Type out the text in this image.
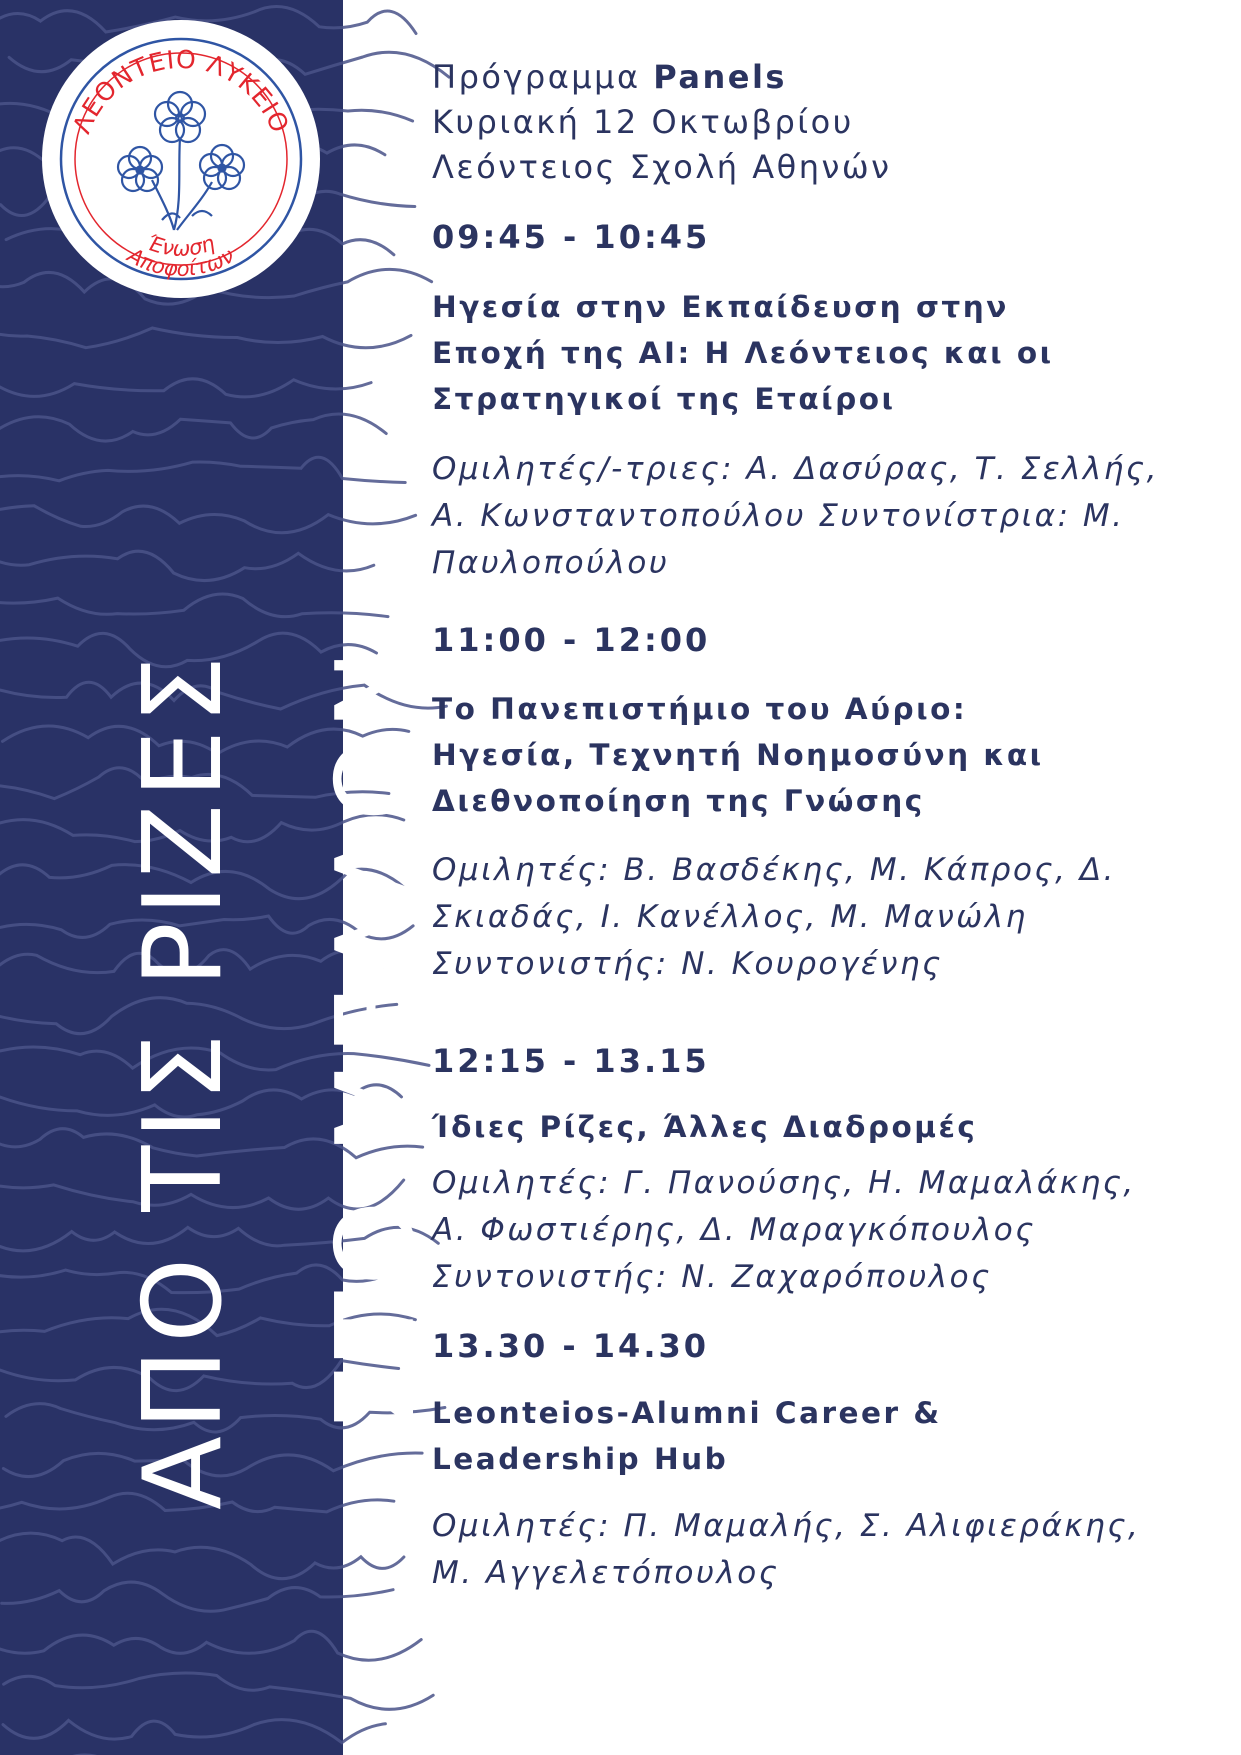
ΛΕΟΝΤΕΙΟ ΛΥΚΕΙΟ
Ένωση
Αποφοίτων
ΑΠΟ ΤΙΣ ΡΙΖΕΣ ΣΤΟ ΜΕΛΛΟΝ
Πρόγραμμα Panels
Κυριακή 12 Οκτωβρίου
Λεόντειος Σχολή Αθηνών
09:45 - 10:45
Ηγεσία στην Εκπαίδευση στην
Εποχή της AI: Η Λεόντειος και οι
Στρατηγικοί της Εταίροι
Ομιλητές/-τριες: Α. Δασύρας, Τ. Σελλής,
Α. Κωνσταντοπούλου Συντονίστρια: Μ.
Παυλοπούλου
11:00 - 12:00
Το Πανεπιστήμιο του Αύριο:
Ηγεσία, Τεχνητή Νοημοσύνη και
Διεθνοποίηση της Γνώσης
Ομιλητές: Β. Βασδέκης, Μ. Κάπρος, Δ.
Σκιαδάς, Ι. Κανέλλος, Μ. Μανώλη
Συντονιστής: Ν. Κουρογένης
12:15 - 13.15
Ίδιες Ρίζες, Άλλες Διαδρομές
Ομιλητές: Γ. Πανούσης, Η. Μαμαλάκης,
Α. Φωστιέρης, Δ. Μαραγκόπουλος
Συντονιστής: Ν. Ζαχαρόπουλος
13.30 - 14.30
Leonteios-Alumni Career &
Leadership Hub
Ομιλητές: Π. Μαμαλής, Σ. Αλιφιεράκης,
Μ. Αγγελετόπουλος
